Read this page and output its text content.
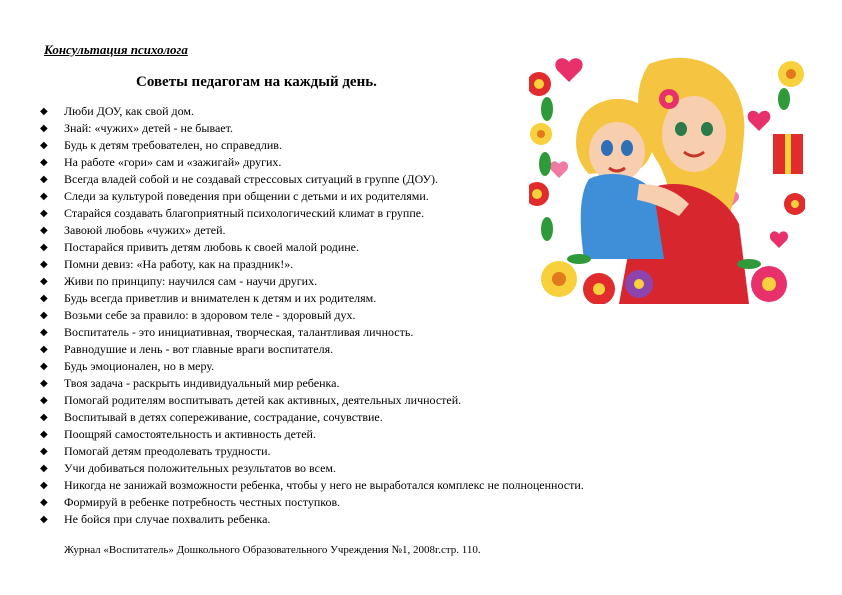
Консультация психолога
Советы педагогам на каждый день.
◆ Люби ДОУ, как свой дом.
◆ Знай: «чужих» детей - не бывает.
◆ Будь к детям требователен, но справедлив.
◆ На работе «гори» сам и «зажигай» других.
◆ Всегда владей собой и не создавай стрессовых ситуаций в группе (ДОУ).
◆ Следи за культурой поведения при общении с детьми и их родителями.
◆ Старайся создавать благоприятный психологический климат в группе.
◆ Завоюй любовь «чужих» детей.
◆ Постарайся привить детям любовь к своей малой родине.
◆ Помни девиз: «На работу, как на праздник!».
◆ Живи по принципу: научился сам - научи других.
◆ Будь всегда приветлив и внимателен к детям и их родителям.
◆ Возьми себе за правило: в здоровом теле - здоровый дух.
◆ Воспитатель - это инициативная, творческая, талантливая личность.
◆ Равнодушие и лень - вот главные враги воспитателя.
◆ Будь эмоционален, но в меру.
◆ Твоя задача - раскрыть индивидуальный мир ребенка.
◆ Помогай родителям воспитывать детей как активных, деятельных личностей.
◆ Воспитывай в детях сопереживание, сострадание, сочувствие.
◆ Поощряй самостоятельность и активность детей.
◆ Помогай детям преодолевать трудности.
◆ Учи добиваться положительных результатов во всем.
◆ Никогда не занижай возможности ребенка, чтобы у него не выработался комплекс не полноценности.
◆ Формируй в ребенке потребность честных поступков.
◆ Не бойся при случае похвалить ребенка.
Журнал «Воспитатель» Дошкольного Образовательного Учреждения №1, 2008г.стр. 110.
